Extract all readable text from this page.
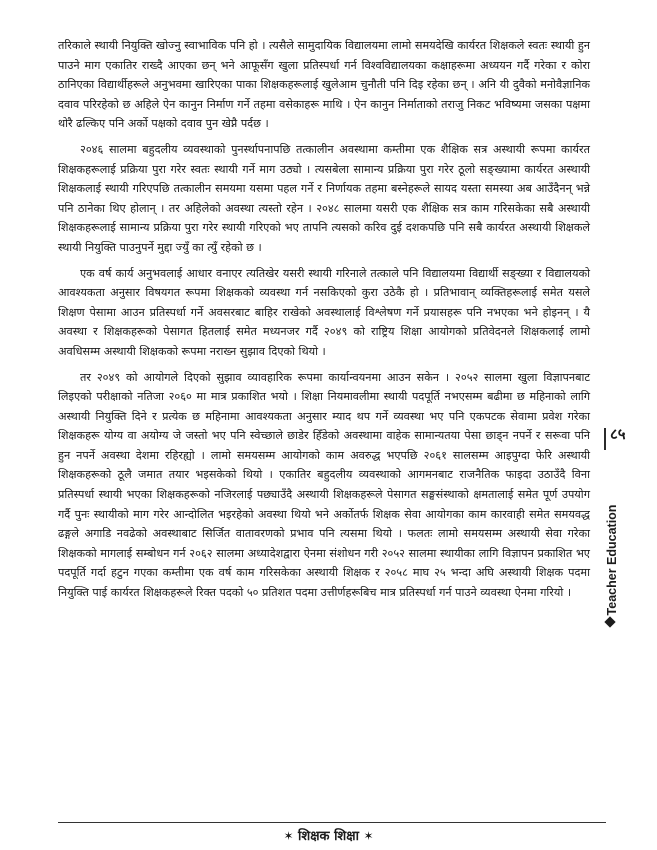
तरिकाले स्थायी नियुक्ति खोज्नु स्वाभाविक पनि हो । त्यसैले सामुदायिक विद्यालयमा लामो समयदेखि कार्यरत शिक्षकले स्वतः स्थायी हुन पाउने माग एकातिर राख्दै आएका छन् भने आफूसँग खुला प्रतिस्पर्धा गर्न विश्वविद्यालयका कक्षाहरूमा अध्ययन गर्दै गरेका र कोरा ठानिएका विद्यार्थीहरूले अनुभवमा खारिएका पाका शिक्षकहरूलाई खुलेआम चुनौती पनि दिइ रहेका छन् । अनि यी दुवैको मनोवैज्ञानिक दवाव परिरहेको छ अहिले ऐन कानुन निर्माण गर्ने तहमा वसेकाहरू माथि । ऐन कानुन निर्माताको तराजु निकट भविष्यमा जसका पक्षमा थोरै ढल्किए पनि अर्को पक्षको दवाव पुन खेप्नै पर्दछ ।

२०४६ सालमा बहुदलीय व्यवस्थाको पुनर्स्थापनापछि तत्कालीन अवस्थामा कम्तीमा एक शैक्षिक सत्र अस्थायी रूपमा कार्यरत शिक्षकहरूलाई प्रक्रिया पुरा गरेर स्वतः स्थायी गर्ने माग उठ्यो । त्यसबेला सामान्य प्रक्रिया पुरा गरेर ठूलो सङ्ख्यामा कार्यरत अस्थायी शिक्षकलाई स्थायी गरिएपछि तत्कालीन समयमा यसमा पहल गर्ने र निर्णायक तहमा बस्नेहरूले सायद यस्ता समस्या अब आउँदैनन् भन्ने पनि ठानेका थिए होलान् । तर अहिलेको अवस्था त्यस्तो रहेन । २०४८ सालमा यसरी एक शैक्षिक सत्र काम गरिसकेका सबै अस्थायी शिक्षकहरूलाई सामान्य प्रक्रिया पुरा गरेर स्थायी गरिएको भए तापनि त्यसको करिव दुई दशकपछि पनि सबै कार्यरत अस्थायी शिक्षकले स्थायी नियुक्ति पाउनुपर्ने मुद्दा ज्युँ का त्युँ रहेको छ ।

एक वर्ष कार्य अनुभवलाई आधार वनाएर त्यतिखेर यसरी स्थायी गरिनाले तत्काले पनि विद्यालयमा विद्यार्थी सङ्ख्या र विद्यालयको आवश्यकता अनुसार विषयगत रूपमा शिक्षकको व्यवस्था गर्न नसकिएको कुरा उठेकै हो । प्रतिभावान् व्यक्तिहरूलाई समेत यसले शिक्षण पेसामा आउन प्रतिस्पर्धा गर्ने अवसरबाट बाहिर राखेको अवस्थालाई विश्लेषण गर्ने प्रयासहरू पनि नभएका भने होइनन् । यै अवस्था र शिक्षकहरूको पेसागत हितलाई समेत मध्यनजर गर्दै २०४९ को राष्ट्रिय शिक्षा आयोगको प्रतिवेदनले शिक्षकलाई लामो अवधिसम्म अस्थायी शिक्षकको रूपमा नराख्न सुझाव दिएको थियो ।

तर २०४९ को आयोगले दिएको सुझाव व्यावहारिक रूपमा कार्यान्वयनमा आउन सकेन । २०५२ सालमा खुला विज्ञापनबाट लिइएको परीक्षाको नतिजा २०६० मा मात्र प्रकाशित भयो । शिक्षा नियमावलीमा स्थायी पदपूर्ति नभएसम्म बढीमा छ महिनाको लागि अस्थायी नियुक्ति दिने र प्रत्येक छ महिनामा आवश्यकता अनुसार म्याद थप गर्ने व्यवस्था भए पनि एकपटक सेवामा प्रवेश गरेका शिक्षकहरू योग्य वा अयोग्य जे जस्तो भए पनि स्वेच्छाले छाडेर हिँडेको अवस्थामा वाहेक सामान्यतया पेसा छाड्न नपर्ने र सरूवा पनि हुन नपर्ने अवस्था देशमा रहिरह्यो । लामो समयसम्म आयोगको काम अवरुद्ध भएपछि २०६१ सालसम्म आइपुग्दा फेरि अस्थायी शिक्षकहरूको ठूलै जमात तयार भइसकेको थियो । एकातिर बहुदलीय व्यवस्थाको आगमनबाट राजनैतिक फाइदा उठाउँदै विना प्रतिस्पर्धा स्थायी भएका शिक्षकहरूको नजिरलाई पछ्याउँदै अस्थायी शिक्षकहरूले पेसागत सङ्घसंस्थाको क्षमतालाई समेत पूर्ण उपयोग गर्दै पुनः स्थायीको माग गरेर आन्दोलित भइरहेको अवस्था थियो भने अर्कोतर्फ शिक्षक सेवा आयोगका काम कारवाही समेत समयवद्ध ढङ्गले अगाडि नवढेको अवस्थाबाट सिर्जित वातावरणको प्रभाव पनि त्यसमा थियो । फलतः लामो समयसम्म अस्थायी सेवा गरेका शिक्षकको मागलाई सम्बोधन गर्न २०६२ सालमा अध्यादेशद्वारा ऐनमा संशोधन गरी २०५२ सालमा स्थायीका लागि विज्ञापन प्रकाशित भए पदपूर्ति गर्दा हटुन गएका कम्तीमा एक वर्ष काम गरिसकेका अस्थायी शिक्षक र २०५८ माघ २५ भन्दा अघि अस्थायी शिक्षक पदमा नियुक्ति पाई कार्यरत शिक्षकहरूले रिक्त पदको ५० प्रतिशत पदमा उत्तीर्णहरूबिच मात्र प्रतिस्पर्धा गर्न पाउने व्यवस्था ऐनमा गरियो ।

८५
Teacher Education
✶ शिक्षक शिक्षा ✶
